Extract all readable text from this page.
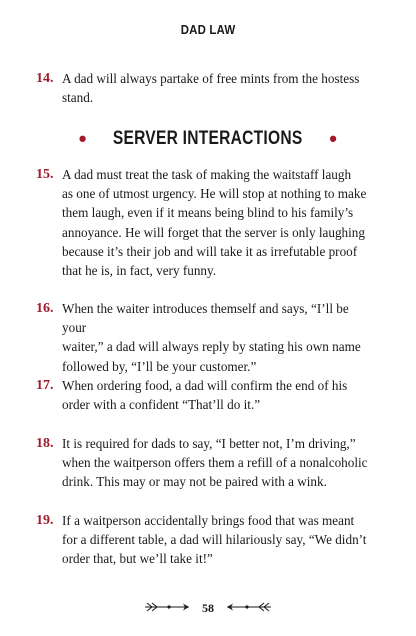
DAD LAW
14. A dad will always partake of free mints from the hostess
stand.
• SERVER INTERACTIONS •
15. A dad must treat the task of making the waitstaff laugh
as one of utmost urgency. He will stop at nothing to make
them laugh, even if it means being blind to his family’s
annoyance. He will forget that the server is only laughing
because it’s their job and will take it as irrefutable proof
that he is, in fact, very funny.
16. When the waiter introduces themself and says, “I’ll be your
waiter,” a dad will always reply by stating his own name
followed by, “I’ll be your customer.”
17. When ordering food, a dad will confirm the end of his
order with a confident “That’ll do it.”
18. It is required for dads to say, “I better not, I’m driving,”
when the waitperson offers them a refill of a nonalcoholic
drink. This may or may not be paired with a wink.
19. If a waitperson accidentally brings food that was meant
for a different table, a dad will hilariously say, “We didn’t
order that, but we’ll take it!”
58
